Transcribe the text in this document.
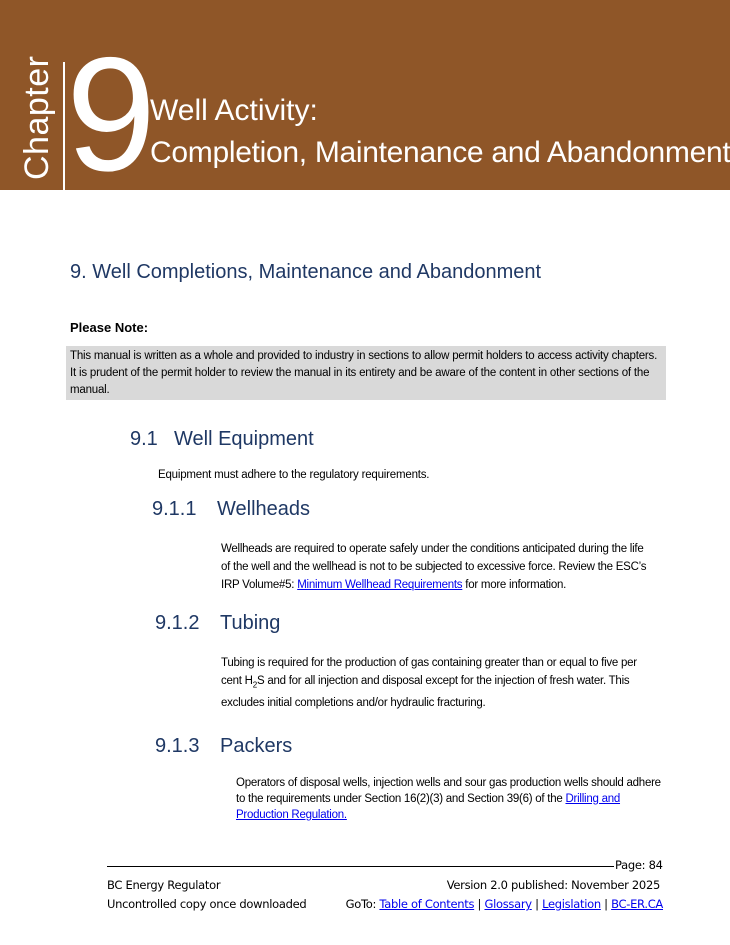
Chapter 9
Well Activity:
Completion, Maintenance and Abandonment
9. Well Completions, Maintenance and Abandonment
Please Note:
This manual is written as a whole and provided to industry in sections to allow permit holders to access activity chapters. It is prudent of the permit holder to review the manual in its entirety and be aware of the content in other sections of the manual.
9.1 Well Equipment
Equipment must adhere to the regulatory requirements.
9.1.1 Wellheads
Wellheads are required to operate safely under the conditions anticipated during the life of the well and the wellhead is not to be subjected to excessive force. Review the ESC’s IRP Volume#5: Minimum Wellhead Requirements for more information.
9.1.2 Tubing
Tubing is required for the production of gas containing greater than or equal to five per cent $H_2S$ and for all injection and disposal except for the injection of fresh water. This excludes initial completions and/or hydraulic fracturing.
9.1.3 Packers
Operators of disposal wells, injection wells and sour gas production wells should adhere to the requirements under Section 16(2)(3) and Section 39(6) of the Drilling and Production Regulation.
Page: 84
BC Energy Regulator	Version 2.0 published: November 2025
Uncontrolled copy once downloaded	GoTo: Table of Contents | Glossary | Legislation | BC-ER.CA
